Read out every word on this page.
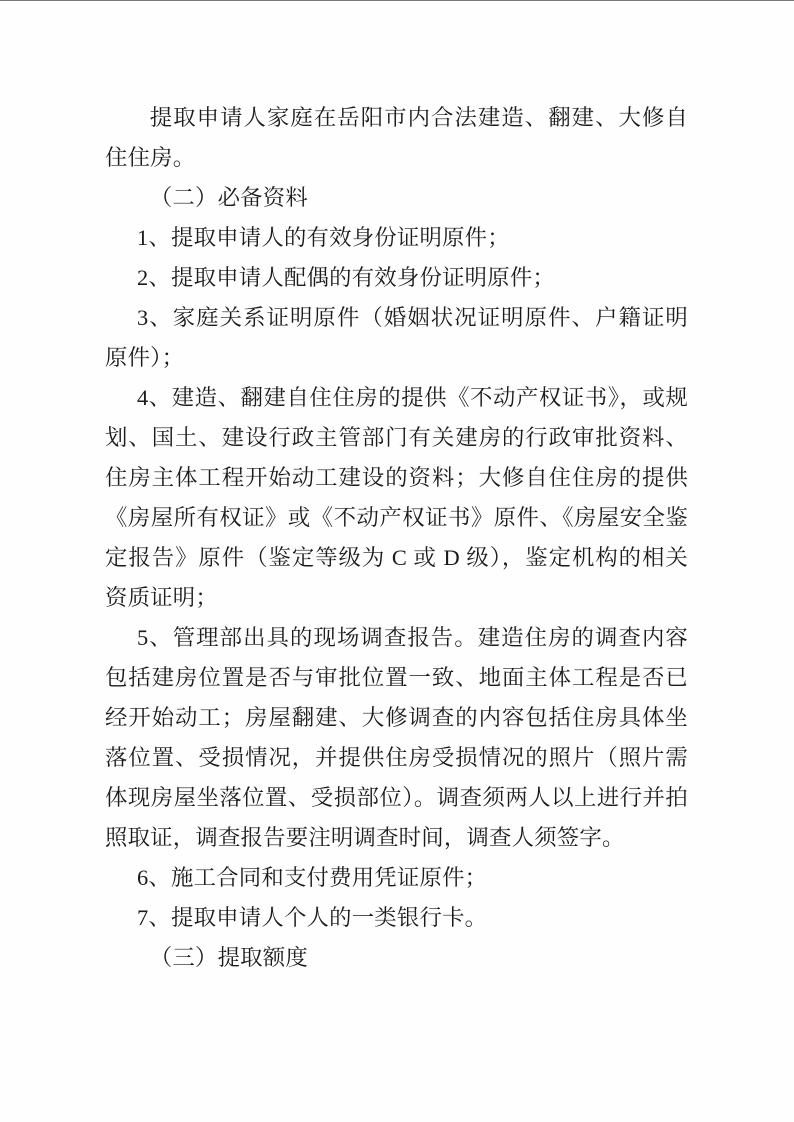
提取申请人家庭在岳阳市内合法建造、翻建、大修自住住房。

（二）必备资料

1、提取申请人的有效身份证明原件；

2、提取申请人配偶的有效身份证明原件；

3、家庭关系证明原件（婚姻状况证明原件、户籍证明原件）；

4、建造、翻建自住住房的提供《不动产权证书》，或规划、国土、建设行政主管部门有关建房的行政审批资料、住房主体工程开始动工建设的资料；大修自住住房的提供《房屋所有权证》或《不动产权证书》原件、《房屋安全鉴定报告》原件（鉴定等级为 C 或 D 级），鉴定机构的相关资质证明；

5、管理部出具的现场调查报告。建造住房的调查内容包括建房位置是否与审批位置一致、地面主体工程是否已经开始动工；房屋翻建、大修调查的内容包括住房具体坐落位置、受损情况，并提供住房受损情况的照片（照片需体现房屋坐落位置、受损部位）。调查须两人以上进行并拍照取证，调查报告要注明调查时间，调查人须签字。

6、施工合同和支付费用凭证原件；

7、提取申请人个人的一类银行卡。

（三）提取额度
